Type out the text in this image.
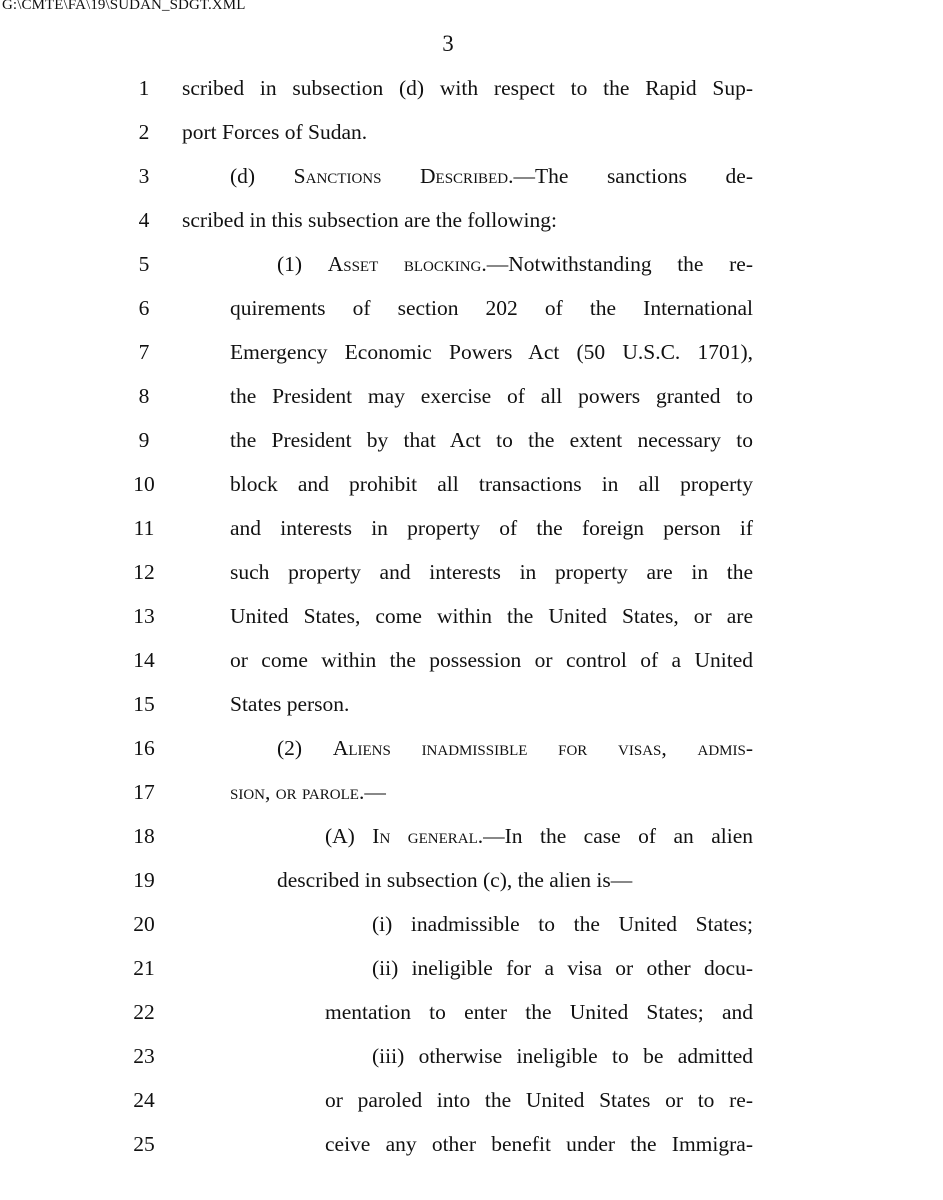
G:\CMTE\FA\19\SUDAN_SDGT.XML
3
1	scribed in subsection (d) with respect to the Rapid Sup-
2	port Forces of Sudan.
3	(d) Sanctions Described.—The sanctions de-
4	scribed in this subsection are the following:
5	(1) Asset blocking.—Notwithstanding the re-
6	quirements of section 202 of the International
7	Emergency Economic Powers Act (50 U.S.C. 1701),
8	the President may exercise of all powers granted to
9	the President by that Act to the extent necessary to
10	block and prohibit all transactions in all property
11	and interests in property of the foreign person if
12	such property and interests in property are in the
13	United States, come within the United States, or are
14	or come within the possession or control of a United
15	States person.
16	(2) Aliens inadmissible for visas, admis-
17	sion, or parole.—
18	(A) In general.—In the case of an alien
19	described in subsection (c), the alien is—
20	(i) inadmissible to the United States;
21	(ii) ineligible for a visa or other docu-
22	mentation to enter the United States; and
23	(iii) otherwise ineligible to be admitted
24	or paroled into the United States or to re-
25	ceive any other benefit under the Immigra-
